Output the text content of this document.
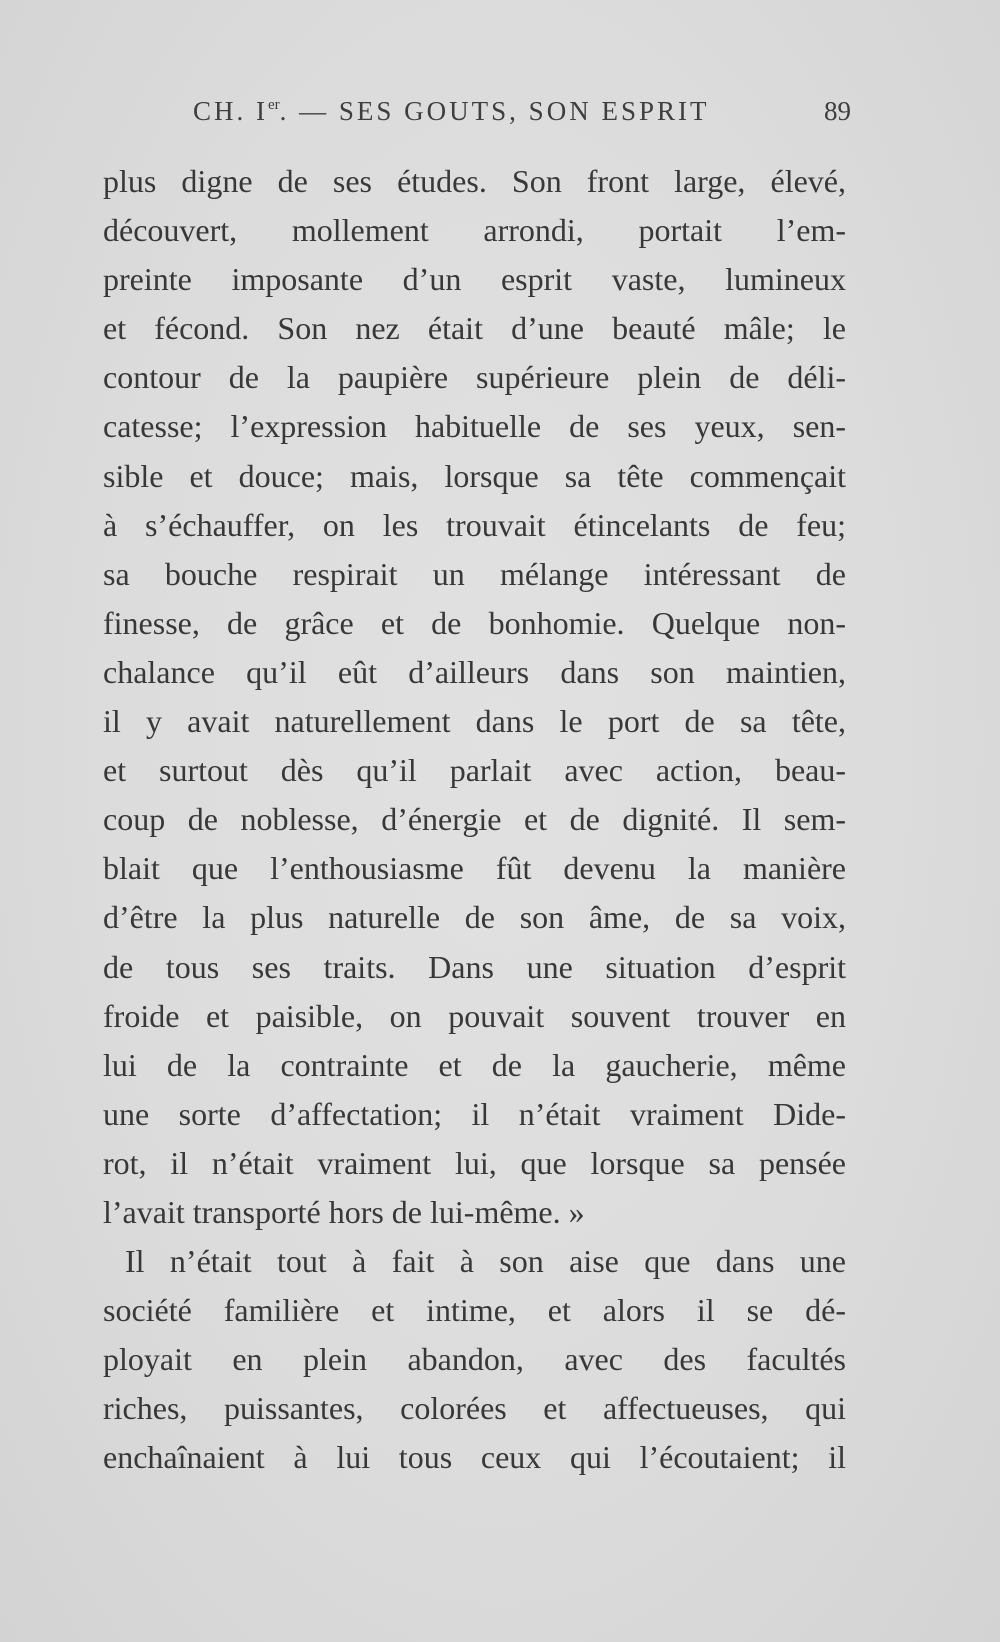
CH. Ier. — SES GOUTS, SON ESPRIT	89
plus digne de ses études. Son front large, élevé,
découvert, mollement arrondi, portait l’em-
preinte imposante d’un esprit vaste, lumineux
et fécond. Son nez était d’une beauté mâle; le
contour de la paupière supérieure plein de déli-
catesse; l’expression habituelle de ses yeux, sen-
sible et douce; mais, lorsque sa tête commençait
à s’échauffer, on les trouvait étincelants de feu;
sa bouche respirait un mélange intéressant de
finesse, de grâce et de bonhomie. Quelque non-
chalance qu’il eût d’ailleurs dans son maintien,
il y avait naturellement dans le port de sa tête,
et surtout dès qu’il parlait avec action, beau-
coup de noblesse, d’énergie et de dignité. Il sem-
blait que l’enthousiasme fût devenu la manière
d’être la plus naturelle de son âme, de sa voix,
de tous ses traits. Dans une situation d’esprit
froide et paisible, on pouvait souvent trouver en
lui de la contrainte et de la gaucherie, même
une sorte d’affectation; il n’était vraiment Dide-
rot, il n’était vraiment lui, que lorsque sa pensée
l’avait transporté hors de lui-même. »
Il n’était tout à fait à son aise que dans une
société familière et intime, et alors il se dé-
ployait en plein abandon, avec des facultés
riches, puissantes, colorées et affectueuses, qui
enchaînaient à lui tous ceux qui l’écoutaient; il
